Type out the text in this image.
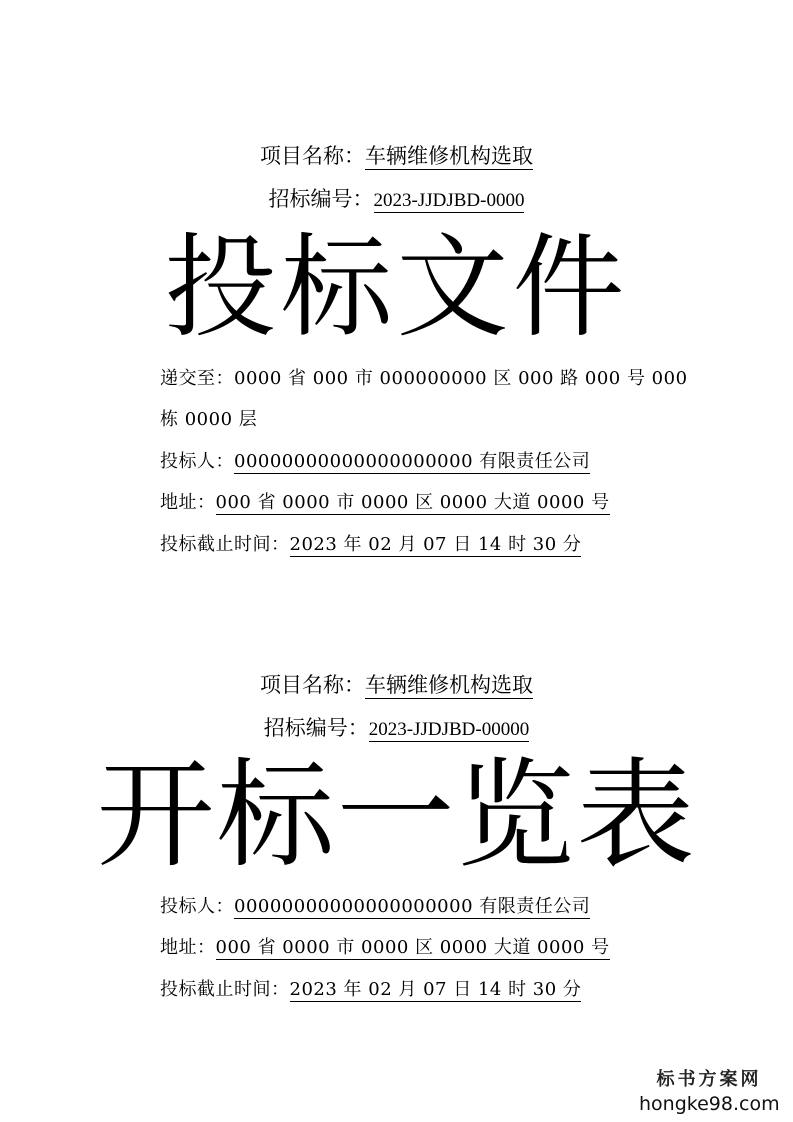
项目名称：车辆维修机构选取
招标编号：2023-JJDJBD-0000
投标文件
递交至：0000 省 000 市 000000000 区 000 路 000 号 000
栋 0000 层
投标人：00000000000000000000 有限责任公司
地址：000 省 0000 市 0000 区 0000 大道 0000 号
投标截止时间：2023 年 02 月 07 日 14 时 30 分
项目名称：车辆维修机构选取
招标编号：2023-JJDJBD-00000
开标一览表
投标人：00000000000000000000 有限责任公司
地址：000 省 0000 市 0000 区 0000 大道 0000 号
投标截止时间：2023 年 02 月 07 日 14 时 30 分
标书方案网
hongke98.com
